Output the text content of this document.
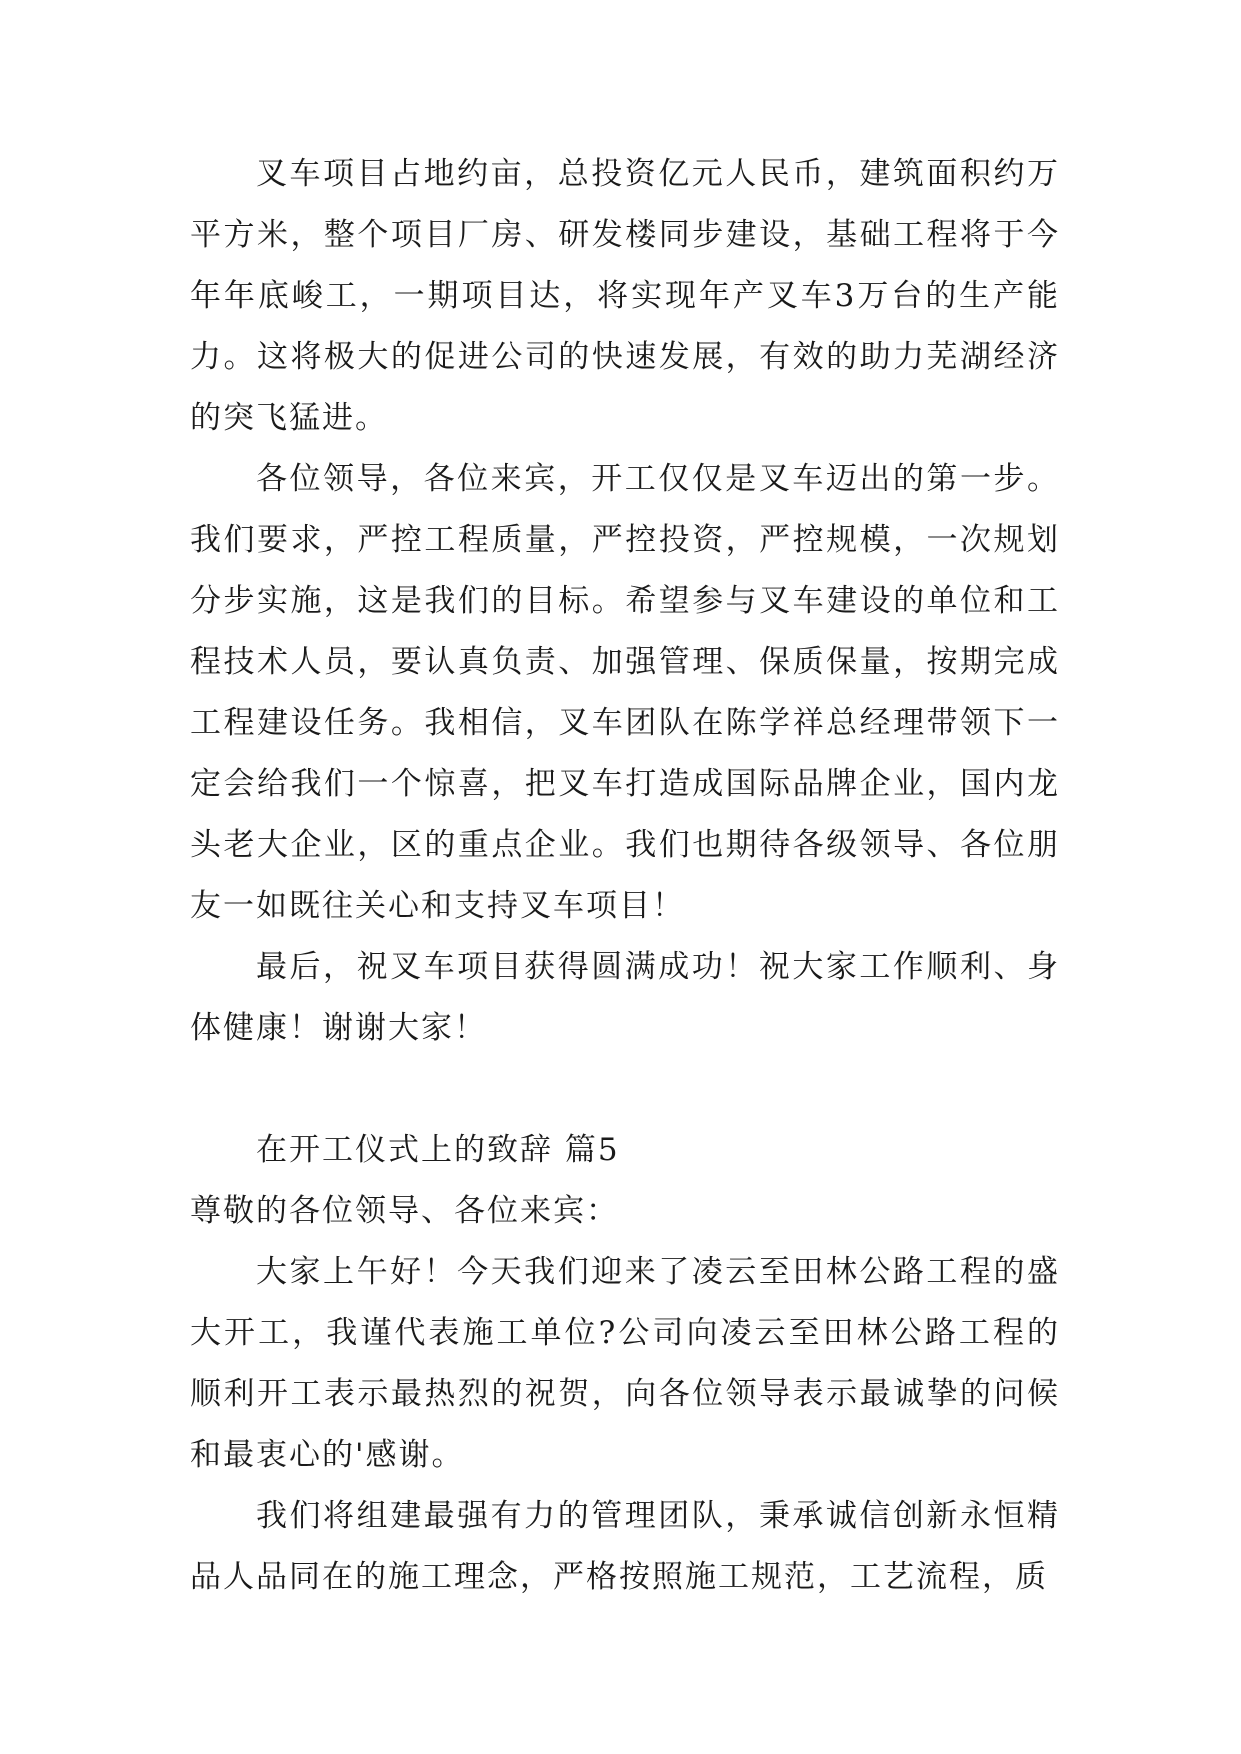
叉车项目占地约亩，总投资亿元人民币，建筑面积约万平方米，整个项目厂房、研发楼同步建设，基础工程将于今年年底峻工，一期项目达，将实现年产叉车3万台的生产能力。这将极大的促进公司的快速发展，有效的助力芜湖经济的突飞猛进。

各位领导，各位来宾，开工仅仅是叉车迈出的第一步。我们要求，严控工程质量，严控投资，严控规模，一次规划分步实施，这是我们的目标。希望参与叉车建设的单位和工程技术人员，要认真负责、加强管理、保质保量，按期完成工程建设任务。我相信，叉车团队在陈学祥总经理带领下一定会给我们一个惊喜，把叉车打造成国际品牌企业，国内龙头老大企业，区的重点企业。我们也期待各级领导、各位朋友一如既往关心和支持叉车项目！

最后，祝叉车项目获得圆满成功！祝大家工作顺利、身体健康！谢谢大家！

在开工仪式上的致辞 篇5

尊敬的各位领导、各位来宾：

大家上午好！今天我们迎来了凌云至田林公路工程的盛大开工，我谨代表施工单位?公司向凌云至田林公路工程的顺利开工表示最热烈的祝贺，向各位领导表示最诚挚的问候和最衷心的'感谢。

我们将组建最强有力的管理团队，秉承诚信创新永恒精品人品同在的施工理念，严格按照施工规范，工艺流程，质
